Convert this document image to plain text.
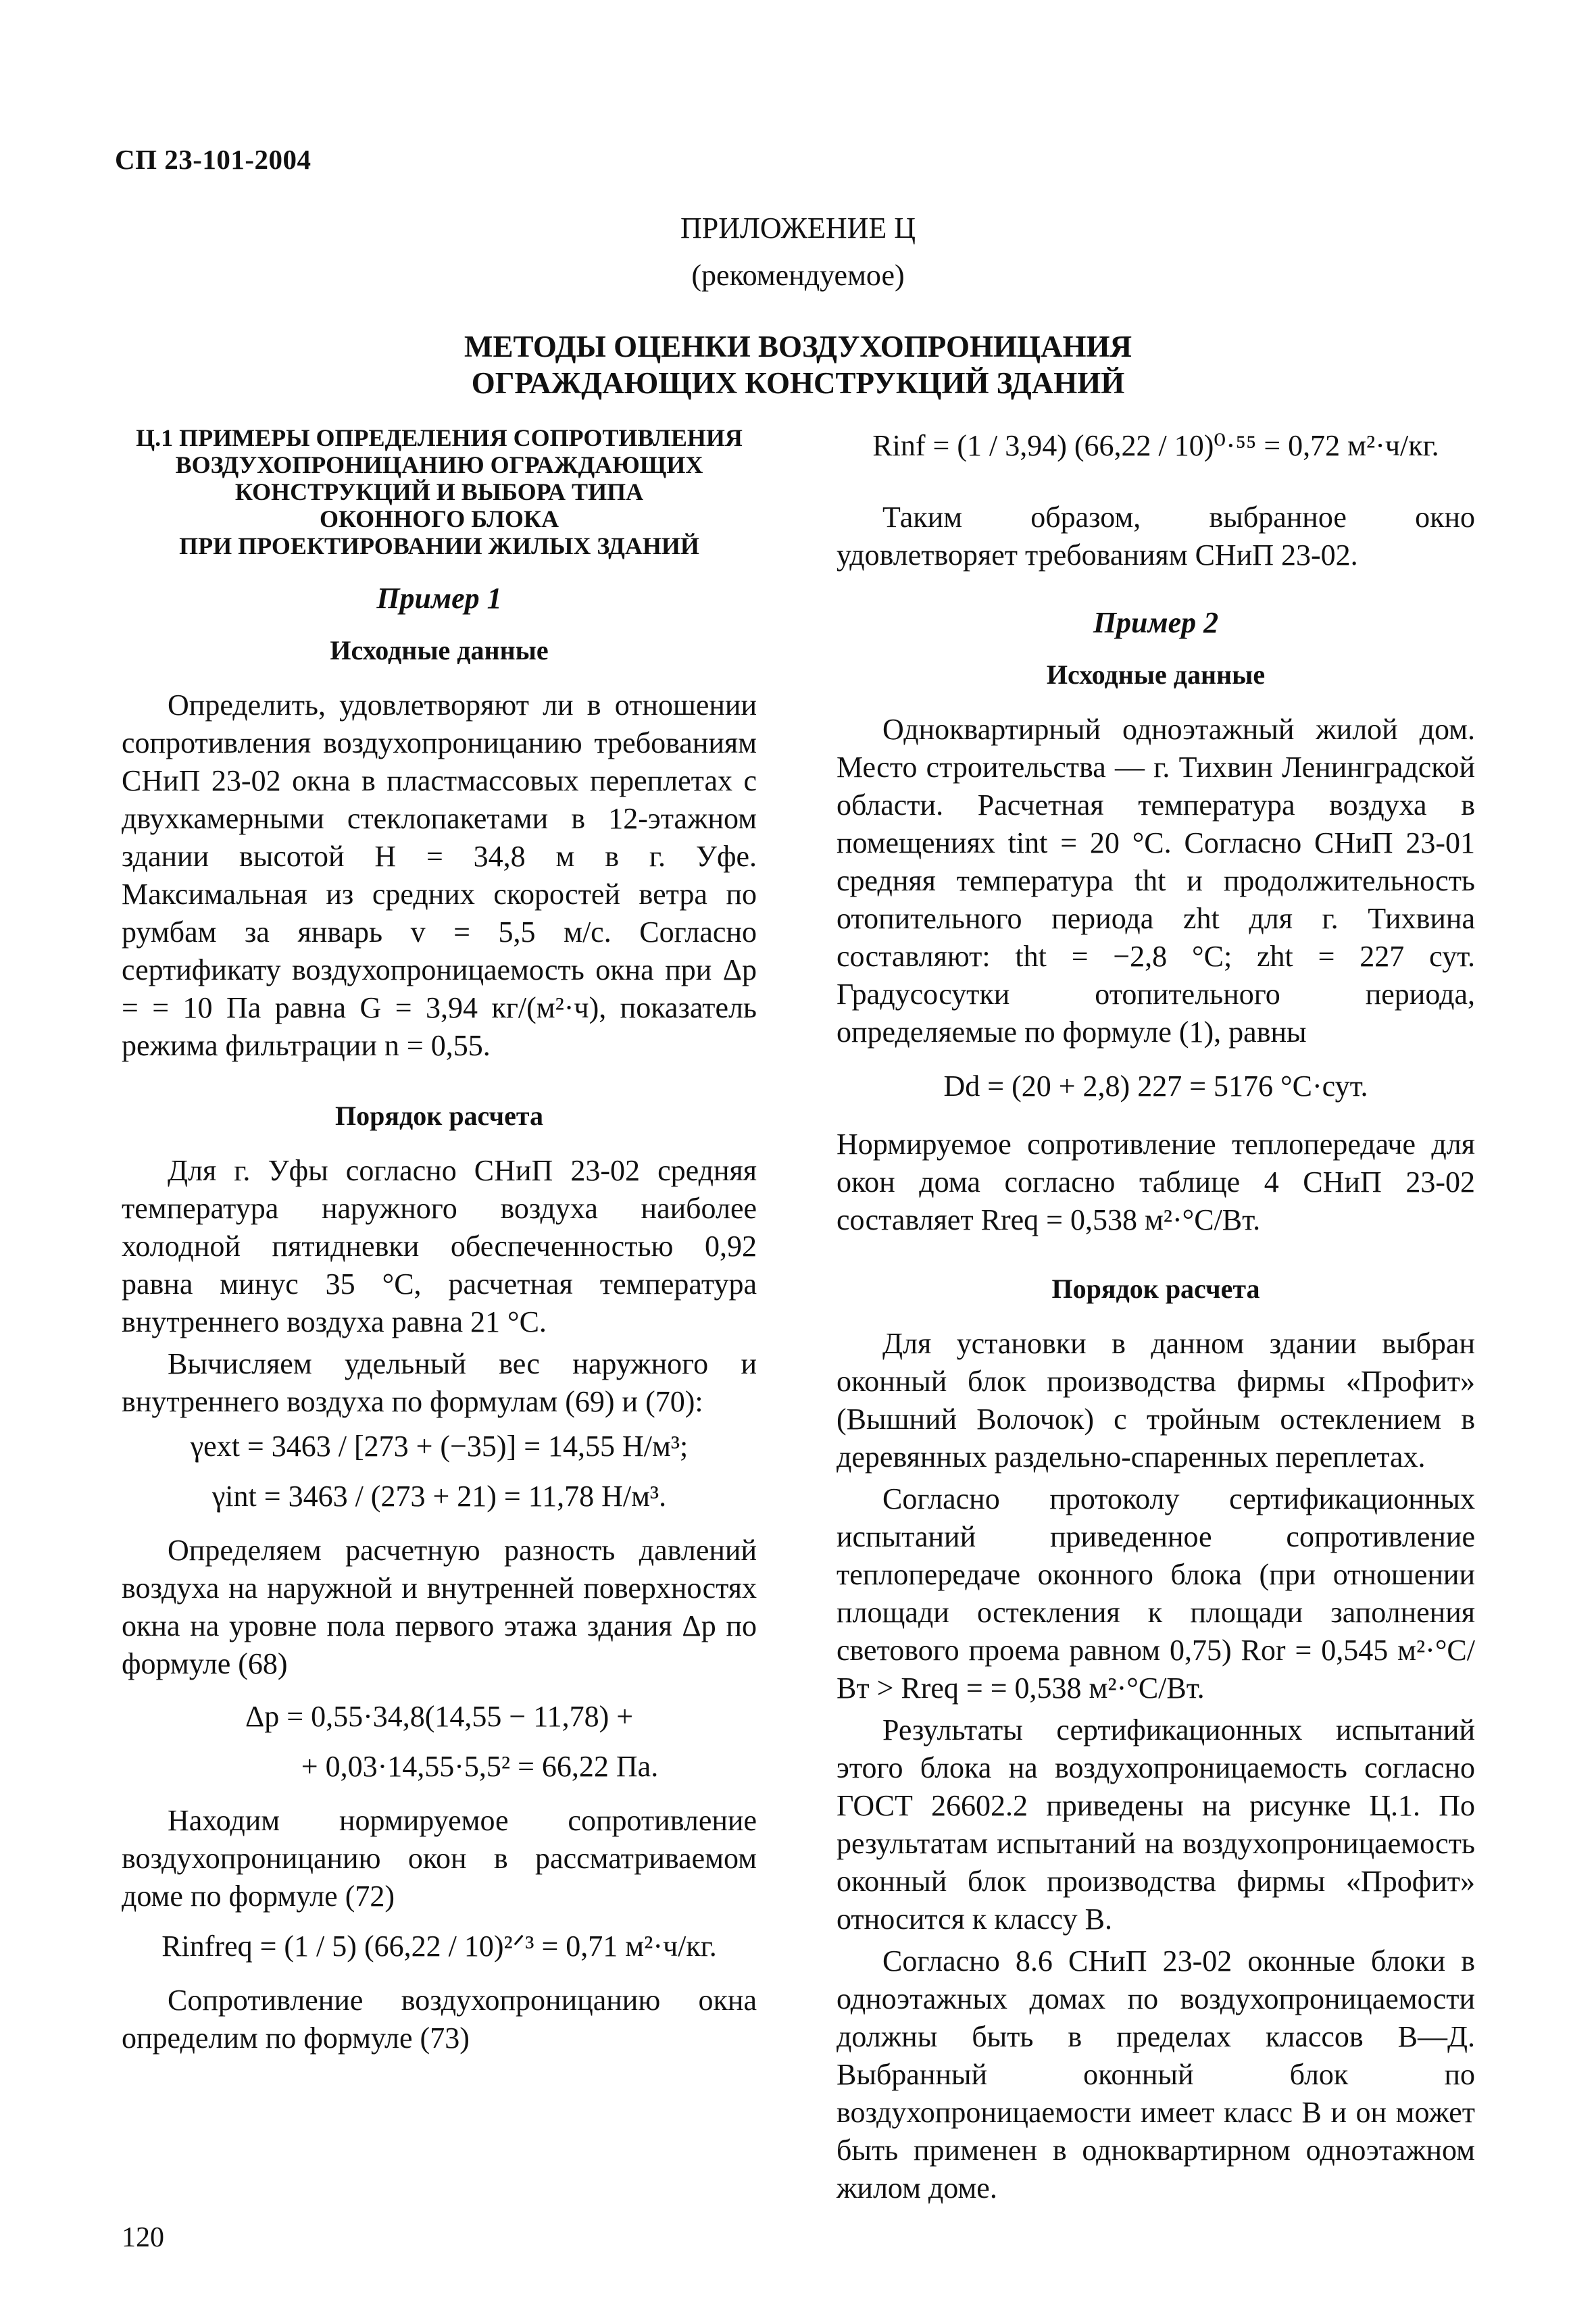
СП 23-101-2004
ПРИЛОЖЕНИЕ Ц
(рекомендуемое)
МЕТОДЫ ОЦЕНКИ ВОЗДУХОПРОНИЦАНИЯ
ОГРАЖДАЮЩИХ КОНСТРУКЦИЙ ЗДАНИЙ
Ц.1 ПРИМЕРЫ ОПРЕДЕЛЕНИЯ СОПРОТИВЛЕНИЯ
ВОЗДУХОПРОНИЦАНИЮ ОГРАЖДАЮЩИХ
КОНСТРУКЦИЙ И ВЫБОРА ТИПА
ОКОННОГО БЛОКА
ПРИ ПРОЕКТИРОВАНИИ ЖИЛЫХ ЗДАНИЙ
Пример 1
Исходные данные

Определить, удовлетворяют ли в отношении сопротивления воздухопроницанию требованиям СНиП 23-02 окна в пластмассовых переплетах с двухкамерными стеклопакетами в 12-этажном здании высотой H = 34,8 м в г. Уфе. Максимальная из средних скоростей ветра по румбам за январь v = 5,5 м/с. Согласно сертификату воздухопроницаемость окна при Δp = = 10 Па равна G = 3,94 кг/(м²·ч), показатель режима фильтрации n = 0,55.

Порядок расчета

Для г. Уфы согласно СНиП 23-02 средняя температура наружного воздуха наиболее холодной пятидневки обеспеченностью 0,92 равна минус 35 °С, расчетная температура внутреннего воздуха равна 21 °С.

Вычисляем удельный вес наружного и внутреннего воздуха по формулам (69) и (70):

γext = 3463 / [273 + (−35)] = 14,55 Н/м³;
γint = 3463 / (273 + 21) = 11,78 Н/м³.

Определяем расчетную разность давлений воздуха на наружной и внутренней поверхностях окна на уровне пола первого этажа здания Δp по формуле (68)

Δp = 0,55·34,8(14,55 − 11,78) +
+ 0,03·14,55·5,5² = 66,22 Па.

Находим нормируемое сопротивление воздухопроницанию окон в рассматриваемом доме по формуле (72)

Rinfreq = (1 / 5) (66,22 / 10)²ᐟ³ = 0,71 м²·ч/кг.

Сопротивление воздухопроницанию окна определим по формуле (73)

Rinf = (1 / 3,94) (66,22 / 10)⁰·⁵⁵ = 0,72 м²·ч/кг.

Таким образом, выбранное окно удовлетворяет требованиям СНиП 23-02.

Пример 2
Исходные данные

Одноквартирный одноэтажный жилой дом. Место строительства — г. Тихвин Ленинградской области. Расчетная температура воздуха в помещениях tint = 20 °С. Согласно СНиП 23-01 средняя температура tht и продолжительность отопительного периода zht для г. Тихвина составляют: tht = −2,8 °С; zht = 227 сут. Градусосутки отопительного периода, определяемые по формуле (1), равны

Dd = (20 + 2,8) 227 = 5176 °С·сут.

Нормируемое сопротивление теплопередаче для окон дома согласно таблице 4 СНиП 23-02 составляет Rreq = 0,538 м²·°С/Вт.

Порядок расчета

Для установки в данном здании выбран оконный блок производства фирмы «Профит» (Вышний Волочок) с тройным остеклением в деревянных раздельно-спаренных переплетах.

Согласно протоколу сертификационных испытаний приведенное сопротивление теплопередаче оконного блока (при отношении площади остекления к площади заполнения светового проема равном 0,75) Ror = 0,545 м²·°С/Вт > Rreq = = 0,538 м²·°С/Вт.

Результаты сертификационных испытаний этого блока на воздухопроницаемость согласно ГОСТ 26602.2 приведены на рисунке Ц.1. По результатам испытаний на воздухопроницаемость оконный блок производства фирмы «Профит» относится к классу В.

Согласно 8.6 СНиП 23-02 оконные блоки в одноэтажных домах по воздухопроницаемости должны быть в пределах классов В—Д. Выбранный оконный блок по воздухопроницаемости имеет класс В и он может быть применен в одноквартирном одноэтажном жилом доме.

120
